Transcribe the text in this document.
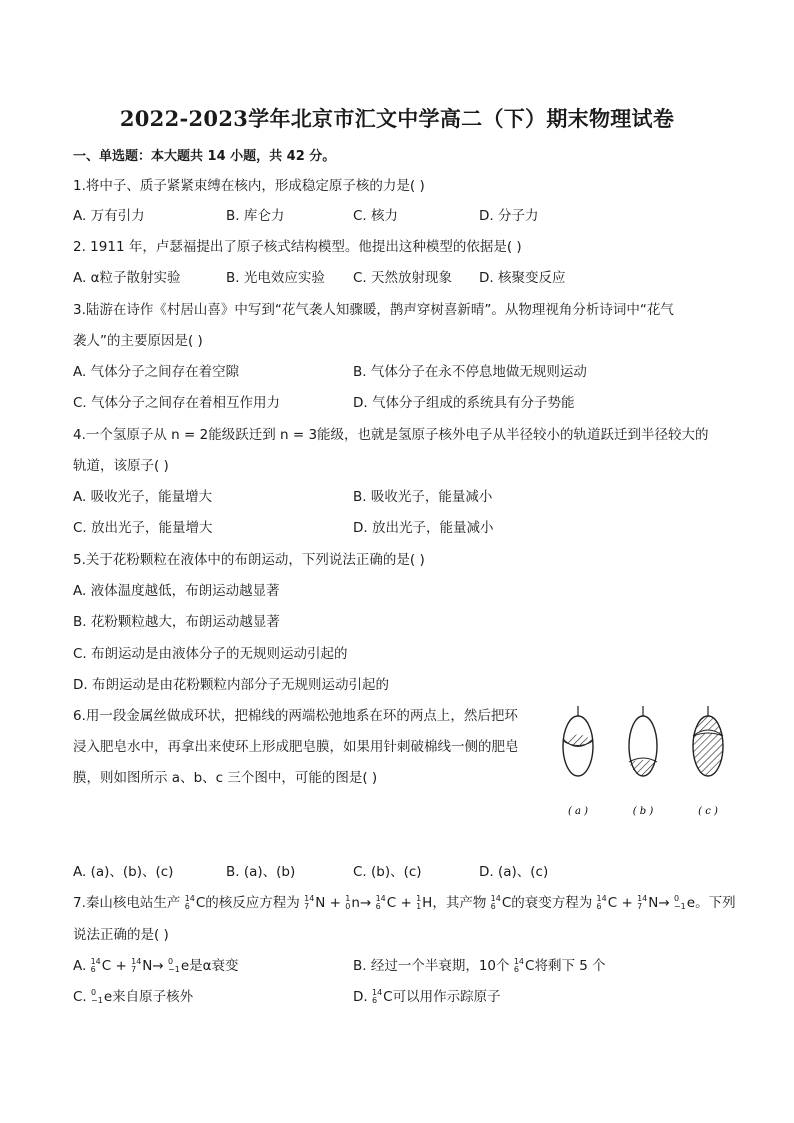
2022-2023学年北京市汇文中学高二（下）期末物理试卷
一、单选题：本大题共 14 小题，共 42 分。
1.将中子、质子紧紧束缚在核内，形成稳定原子核的力是( )
A. 万有引力	B. 库仑力	C. 核力	D. 分子力
2. 1911 年，卢瑟福提出了原子核式结构模型。他提出这种模型的依据是( )
A. α粒子散射实验	B. 光电效应实验 C. 天然放射现象 D. 核聚变反应
3.陆游在诗作《村居山喜》中写到“花气袭人知骤暖，鹊声穿树喜新晴”。从物理视角分析诗词中“花气
袭人”的主要原因是( )
A. 气体分子之间存在着空隙	B. 气体分子在永不停息地做无规则运动
C. 气体分子之间存在着相互作用力	D. 气体分子组成的系统具有分子势能
4.一个氢原子从 n = 2能级跃迁到 n = 3能级，也就是氢原子核外电子从半径较小的轨道跃迁到半径较大的
轨道，该原子( )
A. 吸收光子，能量增大	B. 吸收光子，能量减小
C. 放出光子，能量增大	D. 放出光子，能量减小
5.关于花粉颗粒在液体中的布朗运动，下列说法正确的是( )
A. 液体温度越低，布朗运动越显著
B. 花粉颗粒越大，布朗运动越显著
C. 布朗运动是由液体分子的无规则运动引起的
D. 布朗运动是由花粉颗粒内部分子无规则运动引起的
6.用一段金属丝做成环状，把棉线的两端松弛地系在环的两点上，然后把环
浸入肥皂水中，再拿出来使环上形成肥皂膜，如果用针刺破棉线一侧的肥皂
膜，则如图所示 a、b、c 三个图中，可能的图是( )
( a )	( b )	( c )
A. (a)、(b)、(c)	B. (a)、(b)	C. (b)、(c)	D. (a)、(c)
7.秦山核电站生产 14
6 C的核反应方程为 14
7 N + 1
0 n→ 14
6 C + 1
1 H，其产物 14
6 C的衰变方程为 14
6 C + 14
7 N→ 0
−1 e。下列
说法正确的是( )
A. 14
6 C + 14
7 N→ 0
−1 e是α衰变	B. 经过一个半衰期，10个 14
6 C将剩下 5 个
C. 0
−1 e来自原子核外	D. 14
6 C可以用作示踪原子
